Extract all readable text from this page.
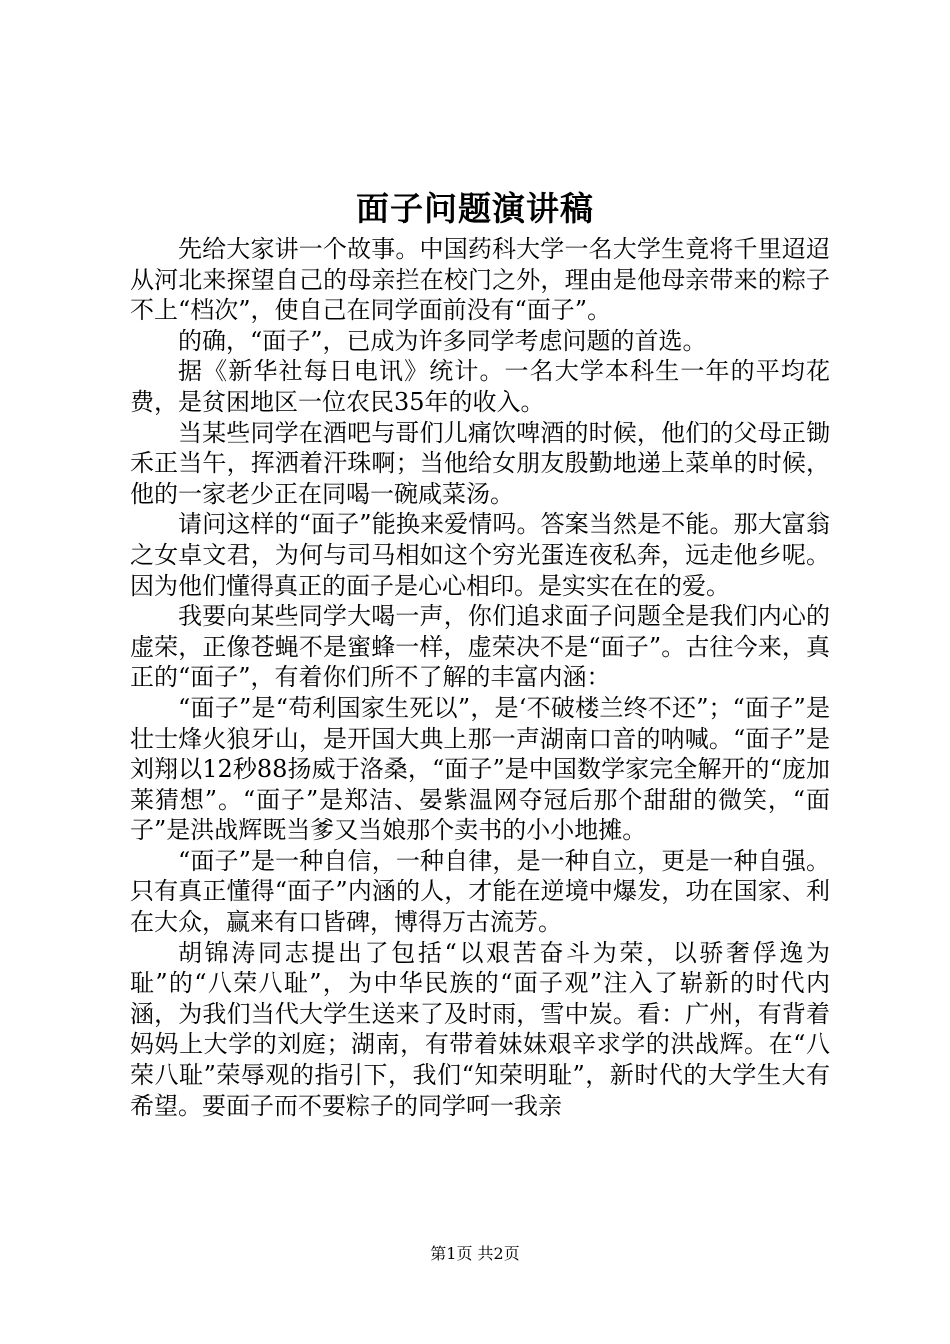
面子问题演讲稿

先给大家讲一个故事。中国药科大学一名大学生竟将千里迢迢从河北来探望自己的母亲拦在校门之外，理由是他母亲带来的粽子不上“档次”，使自己在同学面前没有“面子”。

的确，“面子”，已成为许多同学考虑问题的首选。

据《新华社每日电讯》统计。一名大学本科生一年的平均花费，是贫困地区一位农民35年的收入。

当某些同学在酒吧与哥们儿痛饮啤酒的时候，他们的父母正锄禾正当午，挥洒着汗珠啊；当他给女朋友殷勤地递上菜单的时候，他的一家老少正在同喝一碗咸菜汤。

请问这样的“面子”能换来爱情吗。答案当然是不能。那大富翁之女卓文君，为何与司马相如这个穷光蛋连夜私奔，远走他乡呢。因为他们懂得真正的面子是心心相印。是实实在在的爱。

我要向某些同学大喝一声，你们追求面子问题全是我们内心的虚荣，正像苍蝇不是蜜蜂一样，虚荣决不是“面子”。古往今来，真正的“面子”，有着你们所不了解的丰富内涵：

“面子”是“苟利国家生死以”，是‘不破楼兰终不还”；“面子”是壮士烽火狼牙山，是开国大典上那一声湖南口音的呐喊。“面子”是刘翔以12秒88扬威于洛桑，“面子”是中国数学家完全解开的“庞加莱猜想”。“面子”是郑洁、晏紫温网夺冠后那个甜甜的微笑，“面子”是洪战辉既当爹又当娘那个卖书的小小地摊。

“面子”是一种自信，一种自律，是一种自立，更是一种自强。只有真正懂得“面子”内涵的人，才能在逆境中爆发，功在国家、利在大众，赢来有口皆碑，博得万古流芳。

胡锦涛同志提出了包括“以艰苦奋斗为荣，以骄奢俘逸为耻”的“八荣八耻”，为中华民族的“面子观”注入了崭新的时代内涵，为我们当代大学生送来了及时雨，雪中炭。看：广州，有背着妈妈上大学的刘庭；湖南，有带着妹妹艰辛求学的洪战辉。在“八荣八耻”荣辱观的指引下，我们“知荣明耻”，新时代的大学生大有希望。要面子而不要粽子的同学呵一我亲

第1页 共2页
